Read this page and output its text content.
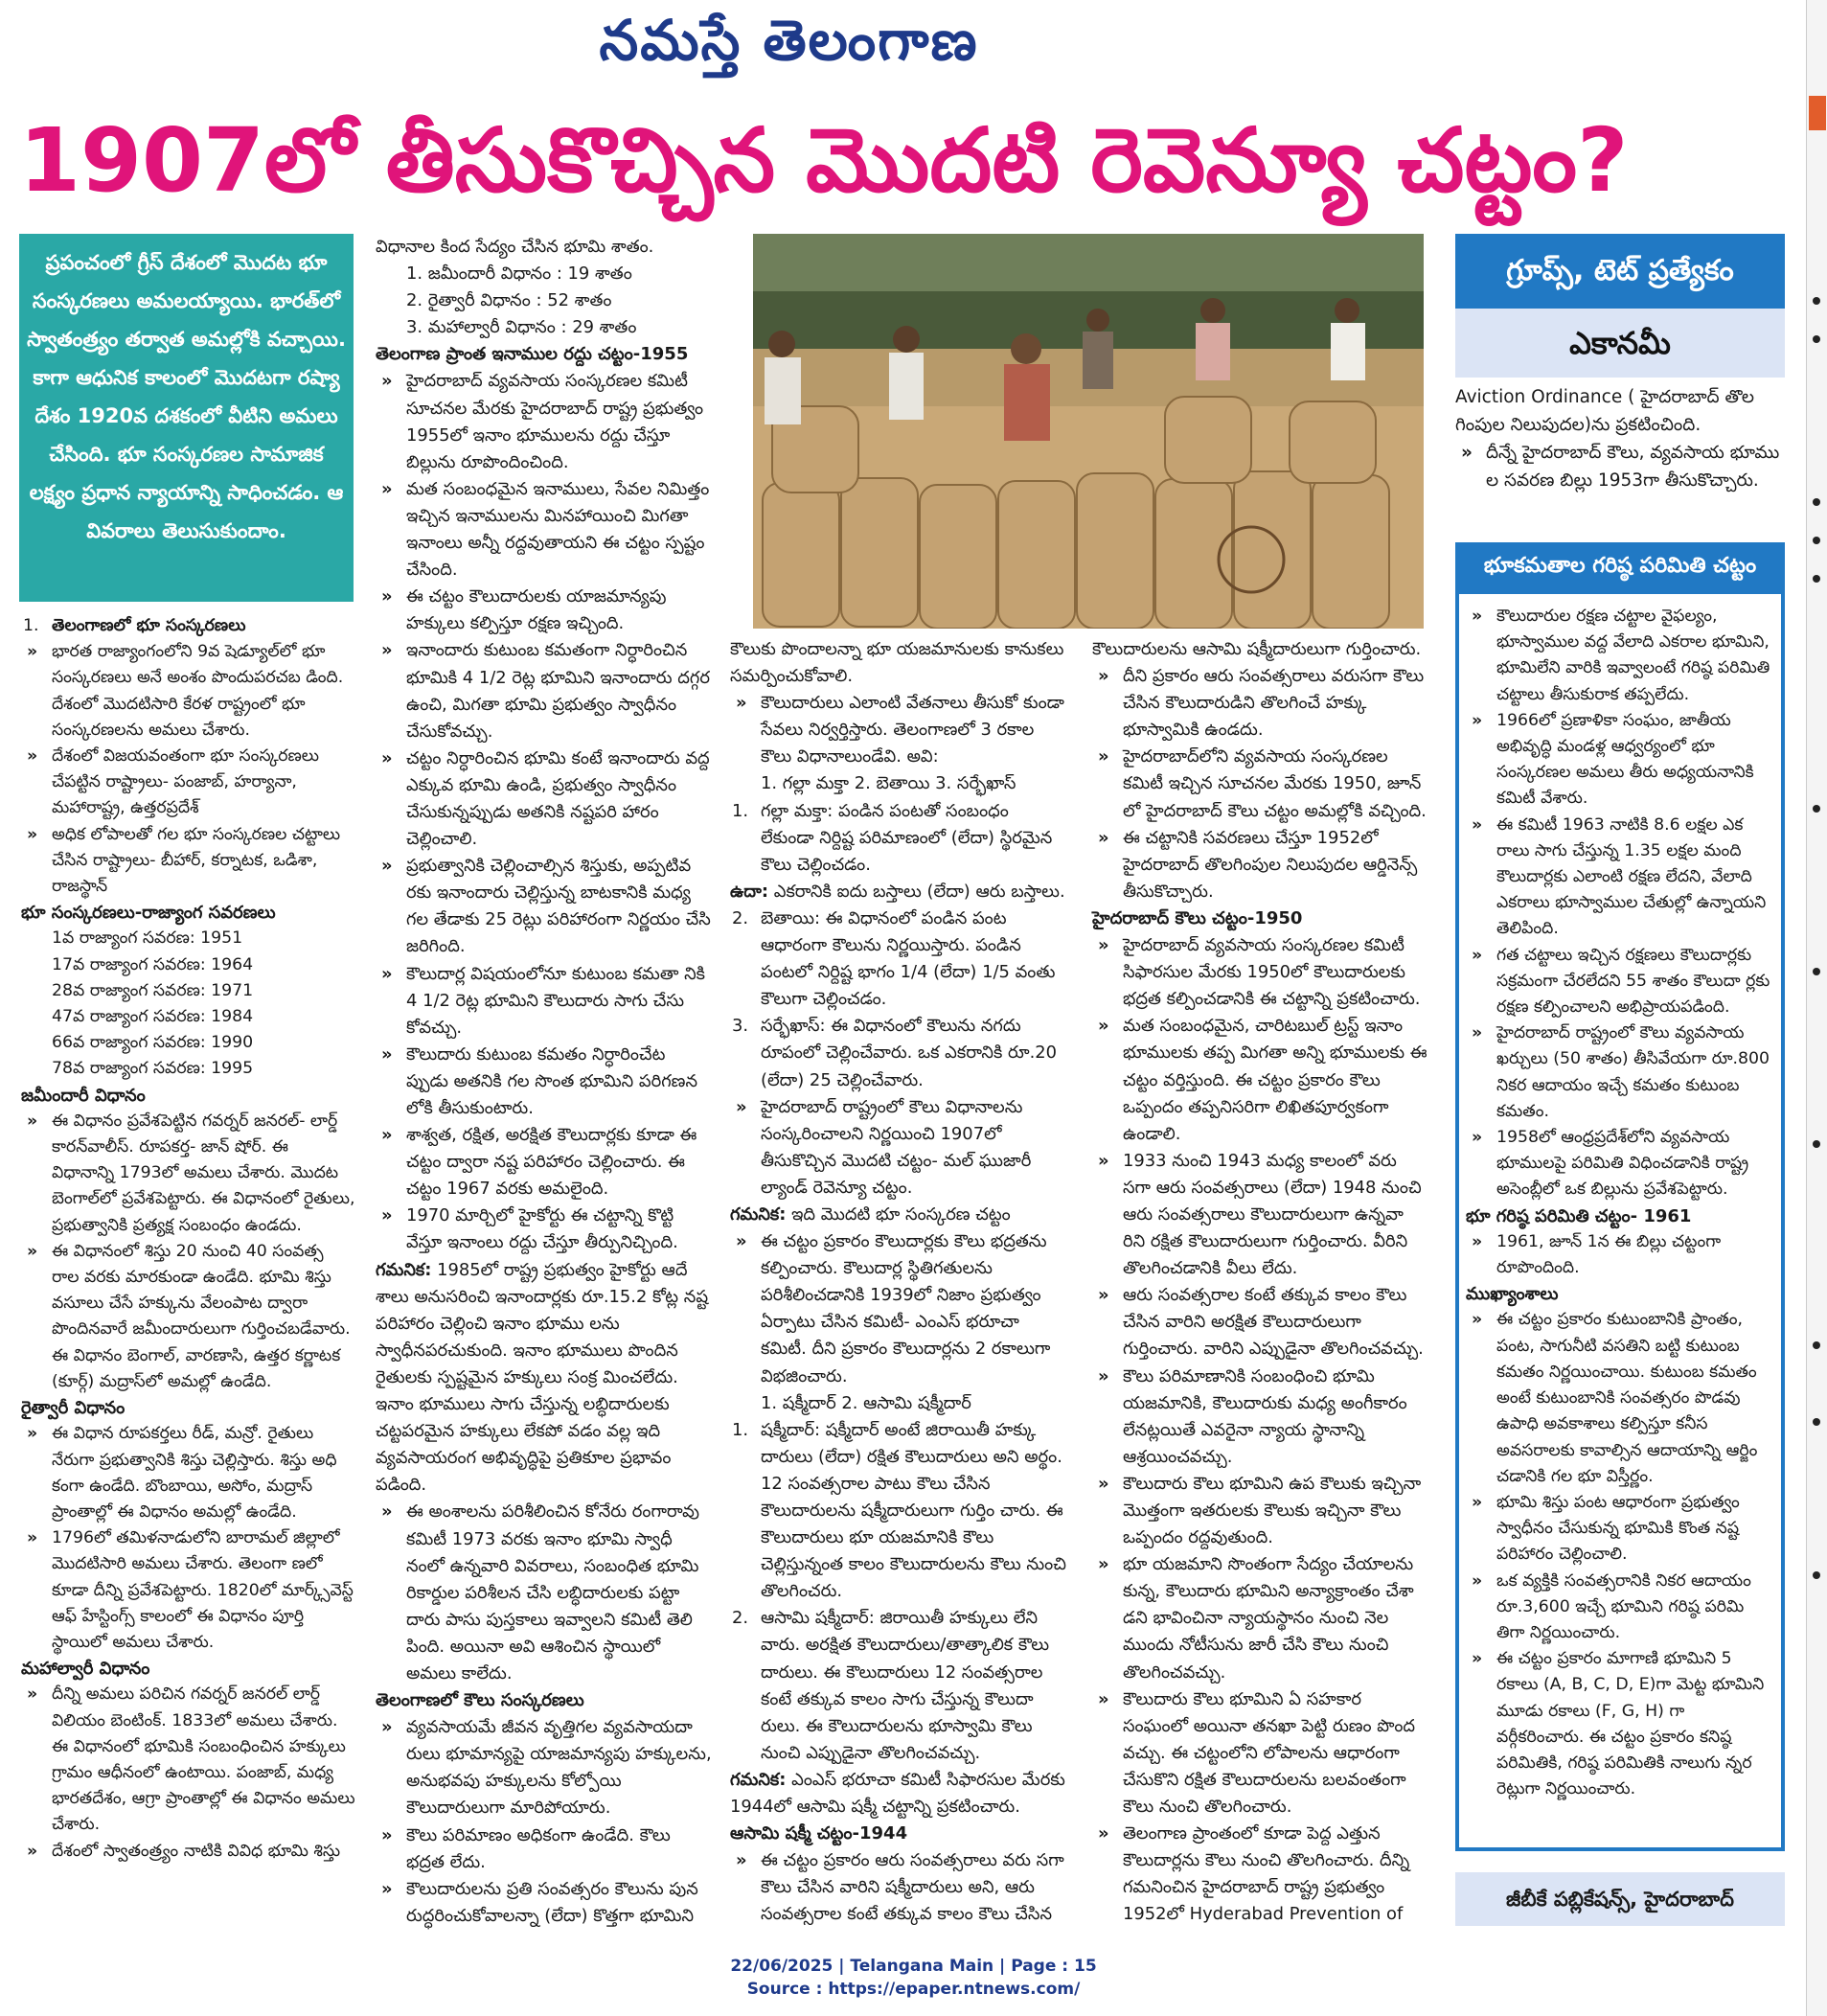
నమస్తే తెలంగాణ
1907లో తీసుకొచ్చిన మొదటి రెవెన్యూ చట్టం?
ప్రపంచంలో గ్రీస్ దేశంలో మొదట భూ సంస్కరణలు అమలయ్యాయి. భారత్‌లో స్వాతంత్ర్యం తర్వాత అమల్లోకి వచ్చాయి. కాగా ఆధునిక కాలంలో మొదటగా రష్యా దేశం 1920వ దశకంలో వీటిని అమలు చేసింది. భూ సంస్కరణల సామాజిక లక్ష్యం ప్రధాన న్యాయాన్ని సాధించడం. ఆ వివరాలు తెలుసుకుందాం.

1. తెలంగాణలో భూ సంస్కరణలు

» భారత రాజ్యాంగంలోని 9వ షెడ్యూల్‌లో భూ సంస్కరణలు అనే అంశం పొందుపరచబ డింది. దేశంలో మొదటిసారి కేరళ రాష్ట్రంలో భూ సంస్కరణలను అమలు చేశారు.

» దేశంలో విజయవంతంగా భూ సంస్కరణలు చేపట్టిన రాష్ట్రాలు- పంజాబ్, హర్యానా, మహారాష్ట్ర, ఉత్తరప్రదేశ్

» అధిక లోపాలతో గల భూ సంస్కరణల చట్టాలు చేసిన రాష్ట్రాలు- బీహార్, కర్నాటక, ఒడిశా, రాజస్థాన్

భూ సంస్కరణలు-రాజ్యాంగ సవరణలు

1వ రాజ్యాంగ సవరణ: 1951

17వ రాజ్యాంగ సవరణ: 1964

28వ రాజ్యాంగ సవరణ: 1971

47వ రాజ్యాంగ సవరణ: 1984

66వ రాజ్యాంగ సవరణ: 1990

78వ రాజ్యాంగ సవరణ: 1995

జమీందారీ విధానం

» ఈ విధానం ప్రవేశపెట్టిన గవర్నర్ జనరల్- లార్డ్ కారన్‌వాలీస్. రూపకర్త- జాన్ షోర్. ఈ విధానాన్ని 1793లో అమలు చేశారు. మొదట బెంగాల్‌లో ప్రవేశపెట్టారు. ఈ విధానంలో రైతులు, ప్రభుత్వానికి ప్రత్యక్ష సంబంధం ఉండదు.

» ఈ విధానంలో శిస్తు 20 నుంచి 40 సంవత్స రాల వరకు మారకుండా ఉండేది. భూమి శిస్తు వసూలు చేసే హక్కును వేలంపాట ద్వారా పొందినవారే జమీందారులుగా గుర్తించబడేవారు. ఈ విధానం బెంగాల్, వారణాసి, ఉత్తర కర్ణాటక (కూర్గ్) మద్రాస్‌లో అమల్లో ఉండేది.

రైత్వారీ విధానం

» ఈ విధాన రూపకర్తలు రీడ్, మన్రో. రైతులు నేరుగా ప్రభుత్వానికి శిస్తు చెల్లిస్తారు. శిస్తు అధి కంగా ఉండేది. బొంబాయి, అసోం, మద్రాస్ ప్రాంతాల్లో ఈ విధానం అమల్లో ఉండేది.

» 1796లో తమిళనాడులోని బారామల్ జిల్లాలో మొదటిసారి అమలు చేశారు. తెలంగా ణలో కూడా దీన్ని ప్రవేశపెట్టారు. 1820లో మార్క్స్‌వెస్ట్ ఆఫ్ హేస్టింగ్స్ కాలంలో ఈ విధానం పూర్తి స్థాయిలో అమలు చేశారు.

మహాల్వారీ విధానం

» దీన్ని అమలు పరిచిన గవర్నర్ జనరల్ లార్డ్ విలియం బెంటింక్. 1833లో అమలు చేశారు. ఈ విధానంలో భూమికి సంబంధించిన హక్కులు గ్రామం ఆధీనంలో ఉంటాయి. పంజాబ్, మధ్య భారతదేశం, ఆగ్రా ప్రాంతాల్లో ఈ విధానం అమలు చేశారు.

» దేశంలో స్వాతంత్ర్యం నాటికి వివిధ భూమి శిస్తు

విధానాల కింద సేద్యం చేసిన భూమి శాతం.

1. జమీందారీ విధానం : 19 శాతం

2. రైత్వారీ విధానం : 52 శాతం

3. మహాల్వారీ విధానం : 29 శాతం

తెలంగాణ ప్రాంత ఇనాముల రద్దు చట్టం-1955

» హైదరాబాద్ వ్యవసాయ సంస్కరణల కమిటీ సూచనల మేరకు హైదరాబాద్ రాష్ట్ర ప్రభుత్వం 1955లో ఇనాం భూములను రద్దు చేస్తూ బిల్లును రూపొందించింది.

» మత సంబంధమైన ఇనాములు, సేవల నిమిత్తం ఇచ్చిన ఇనాములను మినహాయించి మిగతా ఇనాంలు అన్నీ రద్దవుతాయని ఈ చట్టం స్పష్టం చేసింది.

» ఈ చట్టం కౌలుదారులకు యాజమాన్యపు హక్కులు కల్పిస్తూ రక్షణ ఇచ్చింది.

» ఇనాందారు కుటుంబ కమతంగా నిర్ధారించిన భూమికి 4 1/2 రెట్ల భూమిని ఇనాందారు దగ్గర ఉంచి, మిగతా భూమి ప్రభుత్వం స్వాధీనం చేసుకోవచ్చు.

» చట్టం నిర్ధారించిన భూమి కంటే ఇనాందారు వద్ద ఎక్కువ భూమి ఉండి, ప్రభుత్వం స్వాధీనం చేసుకున్నప్పుడు అతనికి నష్టపరి హారం చెల్లించాలి.

» ప్రభుత్వానికి చెల్లించాల్సిన శిస్తుకు, అప్పటివ రకు ఇనాందారు చెల్లిస్తున్న బాటకానికి మధ్య గల తేడాకు 25 రెట్లు పరిహారంగా నిర్ణయం చేసి జరిగింది.

» కౌలుదార్ల విషయంలోనూ కుటుంబ కమతా నికి 4 1/2 రెట్ల భూమిని కౌలుదారు సాగు చేసు కోవచ్చు.

» కౌలుదారు కుటుంబ కమతం నిర్ధారించేట ప్పుడు అతనికి గల సొంత భూమిని పరిగణన లోకి తీసుకుంటారు.

» శాశ్వత, రక్షిత, అరక్షిత కౌలుదార్లకు కూడా ఈ చట్టం ద్వారా నష్ట పరిహారం చెల్లించారు. ఈ చట్టం 1967 వరకు అమలైంది.

» 1970 మార్చిలో హైకోర్టు ఈ చట్టాన్ని కొట్టి వేస్తూ ఇనాంలు రద్దు చేస్తూ తీర్పునిచ్చింది.

గమనిక: 1985లో రాష్ట్ర ప్రభుత్వం హైకోర్టు ఆదే శాలు అనుసరించి ఇనాందార్లకు రూ.15.2 కోట్ల నష్ట పరిహారం చెల్లించి ఇనాం భూము లను స్వాధీనపరచుకుంది. ఇనాం భూములు పొందిన రైతులకు స్పష్టమైన హక్కులు సంక్ర మించలేదు. ఇనాం భూములు సాగు చేస్తున్న లబ్ధిదారులకు చట్టపరమైన హక్కులు లేకపో వడం వల్ల ఇది వ్యవసాయరంగ అభివృద్ధిపై ప్రతికూల ప్రభావం పడింది.

» ఈ అంశాలను పరిశీలించిన కోనేరు రంగారావు కమిటీ 1973 వరకు ఇనాం భూమి స్వాధీ నంలో ఉన్నవారి వివరాలు, సంబంధిత భూమి రికార్డుల పరిశీలన చేసి లబ్ధిదారులకు పట్టా దారు పాసు పుస్తకాలు ఇవ్వాలని కమిటీ తెలి పింది. అయినా అవి ఆశించిన స్థాయిలో అమలు కాలేదు.

తెలంగాణలో కౌలు సంస్కరణలు

» వ్యవసాయమే జీవన వృత్తిగల వ్యవసాయదా రులు భూమాన్యపై యాజమాన్యపు హక్కులను, అనుభవపు హక్కులను కోల్పోయి కౌలుదారులుగా మారిపోయారు.

» కౌలు పరిమాణం అధికంగా ఉండేది. కౌలు భద్రత లేదు.

» కౌలుదారులను ప్రతి సంవత్సరం కౌలును పున రుద్ధరించుకోవాలన్నా (లేదా) కొత్తగా భూమిని

కౌలుకు పొందాలన్నా భూ యజమానులకు కానుకలు సమర్పించుకోవాలి.

» కౌలుదారులు ఎలాంటి వేతనాలు తీసుకో కుండా సేవలు నిర్వర్తిస్తారు. తెలంగాణలో 3 రకాల కౌలు విధానాలుండేవి. అవి:

1. గల్లా మక్తా 2. బెతాయి 3. సర్భేఖాస్

1. గల్లా మక్తా: పండిన పంటతో సంబంధం లేకుండా నిర్దిష్ట పరిమాణంలో (లేదా) స్థిరమైన కౌలు చెల్లించడం.

ఉదా: ఎకరానికి ఐదు బస్తాలు (లేదా) ఆరు బస్తాలు.

2. బెతాయి: ఈ విధానంలో పండిన పంట ఆధారంగా కౌలును నిర్ణయిస్తారు. పండిన పంటలో నిర్దిష్ట భాగం 1/4 (లేదా) 1/5 వంతు కౌలుగా చెల్లించడం.

3. సర్భేఖాస్: ఈ విధానంలో కౌలును నగదు రూపంలో చెల్లించేవారు. ఒక ఎకరానికి రూ.20 (లేదా) 25 చెల్లించేవారు.

» హైదరాబాద్ రాష్ట్రంలో కౌలు విధానాలను సంస్కరించాలని నిర్ణయించి 1907లో తీసుకొచ్చిన మొదటి చట్టం- మల్ ఘుజారీ ల్యాండ్ రెవెన్యూ చట్టం.

గమనిక: ఇది మొదటి భూ సంస్కరణ చట్టం

» ఈ చట్టం ప్రకారం కౌలుదార్లకు కౌలు భద్రతను కల్పించారు. కౌలుదార్ల స్థితిగతులను పరిశీలించడానికి 1939లో నిజాం ప్రభుత్వం ఏర్పాటు చేసిన కమిటీ- ఎంఎస్ భరూచా కమిటీ. దీని ప్రకారం కౌలుదార్లను 2 రకాలుగా విభజించారు.

1. షక్మీదార్ 2. ఆసామి షక్మీదార్

1. షక్మీదార్: షక్మీదార్ అంటే జిరాయితీ హక్కు దారులు (లేదా) రక్షిత కౌలుదారులు అని అర్థం. 12 సంవత్సరాల పాటు కౌలు చేసిన కౌలుదారులను షక్మీదారులుగా గుర్తిం చారు. ఈ కౌలుదారులు భూ యజమానికి కౌలు చెల్లిస్తున్నంత కాలం కౌలుదారులను కౌలు నుంచి తొలగించరు.

2. ఆసామి షక్మీదార్: జిరాయితీ హక్కులు లేని వారు. అరక్షిత కౌలుదారులు/తాత్కాలిక కౌలు దారులు. ఈ కౌలుదారులు 12 సంవత్సరాల కంటే తక్కువ కాలం సాగు చేస్తున్న కౌలుదా రులు. ఈ కౌలుదారులను భూస్వామి కౌలు నుంచి ఎప్పుడైనా తొలగించవచ్చు.

గమనిక: ఎంఎస్ భరూచా కమిటీ సిఫారసుల మేరకు 1944లో ఆసామి షక్మీ చట్టాన్ని ప్రకటించారు.

ఆసామి షక్మీ చట్టం-1944

» ఈ చట్టం ప్రకారం ఆరు సంవత్సరాలు వరు సగా కౌలు చేసిన వారిని షక్మీదారులు అని, ఆరు సంవత్సరాల కంటే తక్కువ కాలం కౌలు చేసిన

కౌలుదారులను ఆసామి షక్మీదారులుగా గుర్తించారు.

» దీని ప్రకారం ఆరు సంవత్సరాలు వరుసగా కౌలు చేసిన కౌలుదారుడిని తొలగించే హక్కు భూస్వామికి ఉండదు.

» హైదరాబాద్‌లోని వ్యవసాయ సంస్కరణల కమిటీ ఇచ్చిన సూచనల మేరకు 1950, జూన్ లో హైదరాబాద్ కౌలు చట్టం అమల్లోకి వచ్చింది.

» ఈ చట్టానికి సవరణలు చేస్తూ 1952లో హైదరాబాద్ తొలగింపుల నిలుపుదల ఆర్డినెన్స్ తీసుకొచ్చారు.

హైదరాబాద్ కౌలు చట్టం-1950

» హైదరాబాద్ వ్యవసాయ సంస్కరణల కమిటీ సిఫారసుల మేరకు 1950లో కౌలుదారులకు భద్రత కల్పించడానికి ఈ చట్టాన్ని ప్రకటించారు.

» మత సంబంధమైన, చారిటబుల్ ట్రస్ట్ ఇనాం భూములకు తప్ప మిగతా అన్ని భూములకు ఈ చట్టం వర్తిస్తుంది. ఈ చట్టం ప్రకారం కౌలు ఒప్పందం తప్పనిసరిగా లిఖితపూర్వకంగా ఉండాలి.

» 1933 నుంచి 1943 మధ్య కాలంలో వరు సగా ఆరు సంవత్సరాలు (లేదా) 1948 నుంచి ఆరు సంవత్సరాలు కౌలుదారులుగా ఉన్నవా రిని రక్షిత కౌలుదారులుగా గుర్తించారు. వీరిని తొలగించడానికి వీలు లేదు.

» ఆరు సంవత్సరాల కంటే తక్కువ కాలం కౌలు చేసిన వారిని అరక్షిత కౌలుదారులుగా గుర్తించారు. వారిని ఎప్పుడైనా తొలగించవచ్చు.

» కౌలు పరిమాణానికి సంబంధించి భూమి యజమానికి, కౌలుదారుకు మధ్య అంగీకారం లేనట్లయితే ఎవరైనా న్యాయ స్థానాన్ని ఆశ్రయించవచ్చు.

» కౌలుదారు కౌలు భూమిని ఉప కౌలుకు ఇచ్చినా మొత్తంగా ఇతరులకు కౌలుకు ఇచ్చినా కౌలు ఒప్పందం రద్దవుతుంది.

» భూ యజమాని సొంతంగా సేద్యం చేయాలను కున్న, కౌలుదారు భూమిని అన్యాక్రాంతం చేశా డని భావించినా న్యాయస్థానం నుంచి నెల ముందు నోటీసును జారీ చేసి కౌలు నుంచి తొలగించవచ్చు.

» కౌలుదారు కౌలు భూమిని ఏ సహకార సంఘంలో అయినా తనఖా పెట్టి రుణం పొంద వచ్చు. ఈ చట్టంలోని లోపాలను ఆధారంగా చేసుకొని రక్షిత కౌలుదారులను బలవంతంగా కౌలు నుంచి తొలగించారు.

» తెలంగాణ ప్రాంతంలో కూడా పెద్ద ఎత్తున కౌలుదార్లను కౌలు నుంచి తొలగించారు. దీన్ని గమనించిన హైదరాబాద్ రాష్ట్ర ప్రభుత్వం 1952లో Hyderabad Prevention of

గ్రూప్స్, టెట్ ప్రత్యేకం
ఎకానమీ

Aviction Ordinance ( హైదరాబాద్ తొల గింపుల నిలుపుదల)ను ప్రకటించింది.

» దీన్నే హైదరాబాద్ కౌలు, వ్యవసాయ భూము ల సవరణ బిల్లు 1953గా తీసుకొచ్చారు.

భూకమతాల గరిష్ఠ పరిమితి చట్టం

» కౌలుదారుల రక్షణ చట్టాల వైఫల్యం, భూస్వాముల వద్ద వేలాది ఎకరాల భూమిని, భూమిలేని వారికి ఇవ్వాలంటే గరిష్ఠ పరిమితి చట్టాలు తీసుకురాక తప్పలేదు.

» 1966లో ప్రణాళికా సంఘం, జాతీయ అభివృద్ధి మండళ్ల ఆధ్వర్యంలో భూ సంస్కరణల అమలు తీరు అధ్యయనానికి కమిటీ వేశారు.

» ఈ కమిటీ 1963 నాటికి 8.6 లక్షల ఎక రాలు సాగు చేస్తున్న 1.35 లక్షల మంది కౌలుదార్లకు ఎలాంటి రక్షణ లేదని, వేలాది ఎకరాలు భూస్వాముల చేతుల్లో ఉన్నాయని తెలిపింది.

» గత చట్టాలు ఇచ్చిన రక్షణలు కౌలుదార్లకు సక్రమంగా చేరలేదని 55 శాతం కౌలుదా ర్లకు రక్షణ కల్పించాలని అభిప్రాయపడింది.

» హైదరాబాద్ రాష్ట్రంలో కౌలు వ్యవసాయ ఖర్చులు (50 శాతం) తీసివేయగా రూ.800 నికర ఆదాయం ఇచ్చే కమతం కుటుంబ కమతం.

» 1958లో ఆంధ్రప్రదేశ్‌లోని వ్యవసాయ భూములపై పరిమితి విధించడానికి రాష్ట్ర అసెంబ్లీలో ఒక బిల్లును ప్రవేశపెట్టారు.

భూ గరిష్ఠ పరిమితి చట్టం- 1961

» 1961, జూన్ 1న ఈ బిల్లు చట్టంగా రూపొందింది.

ముఖ్యాంశాలు

» ఈ చట్టం ప్రకారం కుటుంబానికి ప్రాంతం, పంట, సాగునీటి వసతిని బట్టి కుటుంబ కమతం నిర్ణయించాయి. కుటుంబ కమతం అంటే కుటుంబానికి సంవత్సరం పొడవు ఉపాధి అవకాశాలు కల్పిస్తూ కనీస అవసరాలకు కావాల్సిన ఆదాయాన్ని ఆర్జిం చడానికి గల భూ విస్తీర్ణం.

» భూమి శిస్తు పంట ఆధారంగా ప్రభుత్వం స్వాధీనం చేసుకున్న భూమికి కొంత నష్ట పరిహారం చెల్లించాలి.

» ఒక వ్యక్తికి సంవత్సరానికి నికర ఆదాయం రూ.3,600 ఇచ్చే భూమిని గరిష్ఠ పరిమి తిగా నిర్ణయించారు.

» ఈ చట్టం ప్రకారం మాగాణి భూమిని 5 రకాలు (A, B, C, D, E)గా మెట్ట భూమిని మూడు రకాలు (F, G, H) గా వర్గీకరించారు. ఈ చట్టం ప్రకారం కనిష్ఠ పరిమితికి, గరిష్ఠ పరిమితికి నాలుగు న్నర రెట్లుగా నిర్ణయించారు.

జీబీకే పబ్లికేషన్స్, హైదరాబాద్
22/06/2025 | Telangana Main | Page : 15
Source : https://epaper.ntnews.com/
